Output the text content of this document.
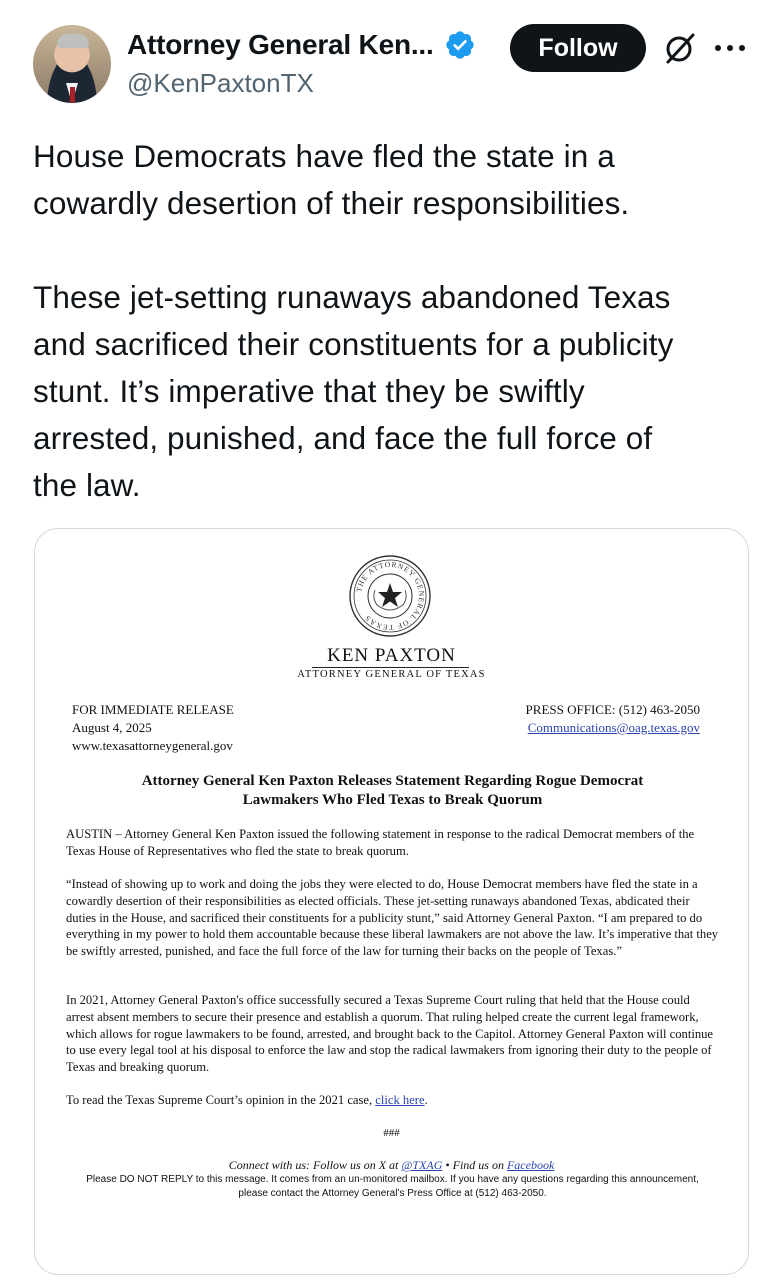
Attorney General Ken...
@KenPaxtonTX
Follow
House Democrats have fled the state in a
cowardly desertion of their responsibilities.

These jet-setting runaways abandoned Texas
and sacrificed their constituents for a publicity
stunt. It’s imperative that they be swiftly
arrested, punished, and face the full force of
the law.
THE ATTORNEY GENERAL OF TEXAS
KEN PAXTON
ATTORNEY GENERAL OF TEXAS
FOR IMMEDIATE RELEASE
August 4, 2025
www.texasattorneygeneral.gov
PRESS OFFICE: (512) 463-2050
Communications@oag.texas.gov
Attorney General Ken Paxton Releases Statement Regarding Rogue Democrat
Lawmakers Who Fled Texas to Break Quorum
AUSTIN – Attorney General Ken Paxton issued the following statement in response to the radical Democrat members of the Texas House of Representatives who fled the state to break quorum.
“Instead of showing up to work and doing the jobs they were elected to do, House Democrat members have fled the state in a cowardly desertion of their responsibilities as elected officials. These jet-setting runaways abandoned Texas, abdicated their duties in the House, and sacrificed their constituents for a publicity stunt,” said Attorney General Paxton. “I am prepared to do everything in my power to hold them accountable because these liberal lawmakers are not above the law. It’s imperative that they be swiftly arrested, punished, and face the full force of the law for turning their backs on the people of Texas.”
In 2021, Attorney General Paxton's office successfully secured a Texas Supreme Court ruling that held that the House could arrest absent members to secure their presence and establish a quorum. That ruling helped create the current legal framework, which allows for rogue lawmakers to be found, arrested, and brought back to the Capitol. Attorney General Paxton will continue to use every legal tool at his disposal to enforce the law and stop the radical lawmakers from ignoring their duty to the people of Texas and breaking quorum.
To read the Texas Supreme Court’s opinion in the 2021 case, click here.
###
Connect with us: Follow us on X at @TXAG • Find us on Facebook
Please DO NOT REPLY to this message. It comes from an un-monitored mailbox. If you have any questions regarding this announcement, please contact the Attorney General’s Press Office at (512) 463-2050.
